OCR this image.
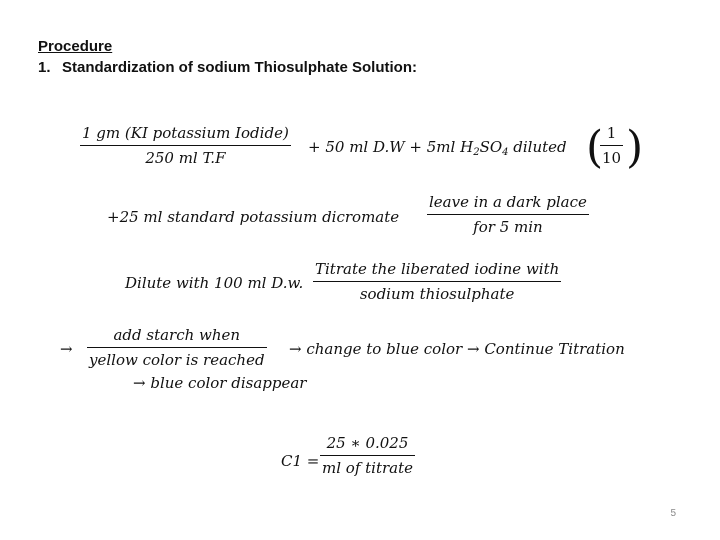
Procedure
1. Standardization of sodium Thiosulphate Solution:
1 gm (KI potassium Iodide)
250 ml T.F
+ 50 ml D.W + 5ml $H_2SO_4$ diluted ( 1
10 )
+25 ml standard potassium dicromate
leave in a dark place
for 5 min
Dilute with 100 ml D.w.
Titrate the liberated iodine with
sodium thiosulphate
→
add starch when
yellow color is reached
→ change to blue color → Continue Titration
→ blue color disappear
C1 =
25 ∗ 0.025
ml of titrate
5
